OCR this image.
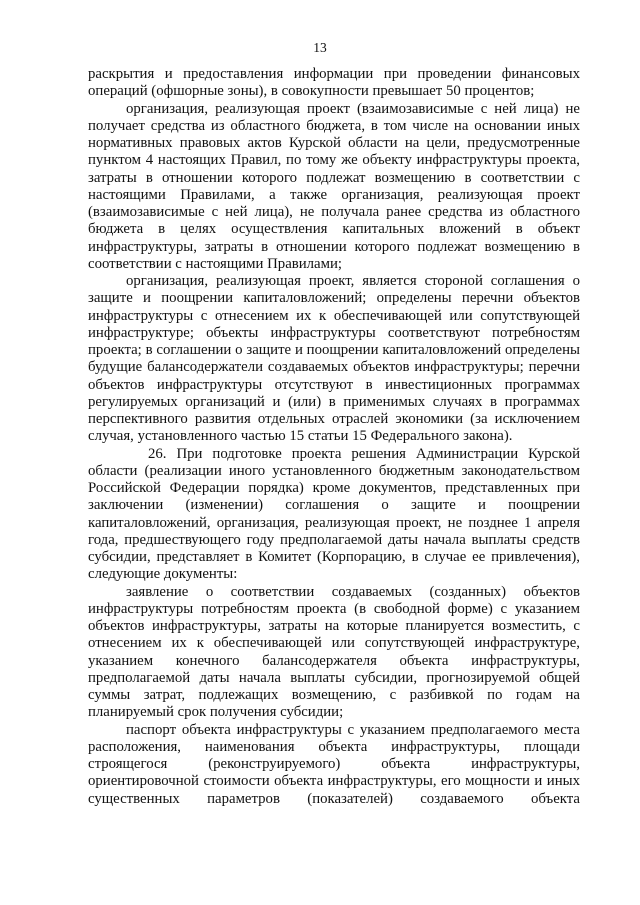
13

раскрытия и предоставления информации при проведении финансовых операций (офшорные зоны), в совокупности превышает 50 процентов;

организация, реализующая проект (взаимозависимые с ней лица) не получает средства из областного бюджета, в том числе на основании иных нормативных правовых актов Курской области на цели, предусмотренные пунктом 4 настоящих Правил, по тому же объекту инфраструктуры проекта, затраты в отношении которого подлежат возмещению в соответствии с настоящими Правилами, а также организация, реализующая проект (взаимозависимые с ней лица), не получала ранее средства из областного бюджета в целях осуществления капитальных вложений в объект инфраструктуры, затраты в отношении которого подлежат возмещению в соответствии с настоящими Правилами;

организация, реализующая проект, является стороной соглашения о защите и поощрении капиталовложений; определены перечни объектов инфраструктуры с отнесением их к обеспечивающей или сопутствующей инфраструктуре; объекты инфраструктуры соответствуют потребностям проекта; в соглашении о защите и поощрении капиталовложений определены будущие балансодержатели создаваемых объектов инфраструктуры; перечни объектов инфраструктуры отсутствуют в инвестиционных программах регулируемых организаций и (или) в применимых случаях в программах перспективного развития отдельных отраслей экономики (за исключением случая, установленного частью 15 статьи 15 Федерального закона).

26. При подготовке проекта решения Администрации Курской области (реализации иного установленного бюджетным законодательством Российской Федерации порядка) кроме документов, представленных при заключении (изменении) соглашения о защите и поощрении капиталовложений, организация, реализующая проект, не позднее 1 апреля года, предшествующего году предполагаемой даты начала выплаты средств субсидии, представляет в Комитет (Корпорацию, в случае ее привлечения), следующие документы:

заявление о соответствии создаваемых (созданных) объектов инфраструктуры потребностям проекта (в свободной форме) с указанием объектов инфраструктуры, затраты на которые планируется возместить, с отнесением их к обеспечивающей или сопутствующей инфраструктуре, указанием конечного балансодержателя объекта инфраструктуры, предполагаемой даты начала выплаты субсидии, прогнозируемой общей суммы затрат, подлежащих возмещению, с разбивкой по годам на планируемый срок получения субсидии;

паспорт объекта инфраструктуры с указанием предполагаемого места расположения, наименования объекта инфраструктуры, площади строящегося (реконструируемого) объекта инфраструктуры, ориентировочной стоимости объекта инфраструктуры, его мощности и иных существенных параметров (показателей) создаваемого объекта
